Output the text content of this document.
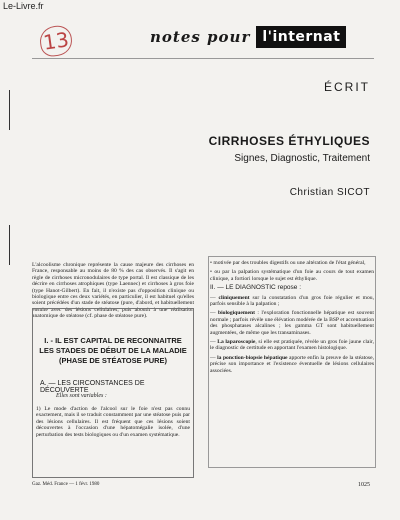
Le-Livre.fr
13	notes pour l'internat
ÉCRIT
CIRRHOSES ÉTHYLIQUES
Signes, Diagnostic, Traitement
Christian SICOT

L'alcoolisme chronique représente la cause majeure des cirrhoses en France, responsable au moins de 80 % des cas observés. Il s'agit en règle de cirrhoses micronodulaires de type portal. Il est classique de les décrire en cirrhoses atrophiques (type Laennec) et cirrhoses à gros foie (type Hanot-Gilbert). En fait, il n'existe pas d'opposition clinique ou biologique entre ces deux variétés, en particulier, il est habituel qu'elles soient précédées d'un stade de stéatose (pure, d'abord, et habituellement ensuite avec des lésions cellulaires, puis aboutit à une réalisation anatomique de stéatose (cf. phase de stéatose pure).

I. - IL EST CAPITAL DE RECONNAITRE LES STADES DE DÉBUT DE LA MALADIE (PHASE DE STÉATOSE PURE)
A. — LES CIRCONSTANCES DE DÉCOUVERTE
Elles sont variables :

1) Le mode d'action de l'alcool sur le foie n'est pas connu exactement, mais il se traduit constamment par une stéatose puis par des lésions cellulaires. Il est fréquent que ces lésions soient découvertes à l'occasion d'une hépatomégalie isolée, d'une perturbation des tests biologiques ou d'un examen systématique.

• motivée par des troubles digestifs ou une altération de l'état général,

• ou par la palpation systématique d'un foie au cours de tout examen clinique, a fortiori lorsque le sujet est éthylique.

II. — LE DIAGNOSTIC repose :

— cliniquement sur la constatation d'un gros foie régulier et mou, parfois sensible à la palpation ;

— biologiquement : l'exploration fonctionnelle hépatique est souvent normale ; parfois révèle une élévation modérée de la BSP et accentuation des phosphatases alcalines ; les gamma GT sont habituellement augmentées, de même que les transaminases.

— La laparoscopie, si elle est pratiquée, révèle un gros foie jaune clair, le diagnostic de certitude en apportant l'examen histologique.

— la ponction-biopsie hépatique apporte enfin la preuve de la stéatose, précise son importance et l'existence éventuelle de lésions cellulaires associées.

Gaz. Méd. France — 1 févr. 1980	1025
